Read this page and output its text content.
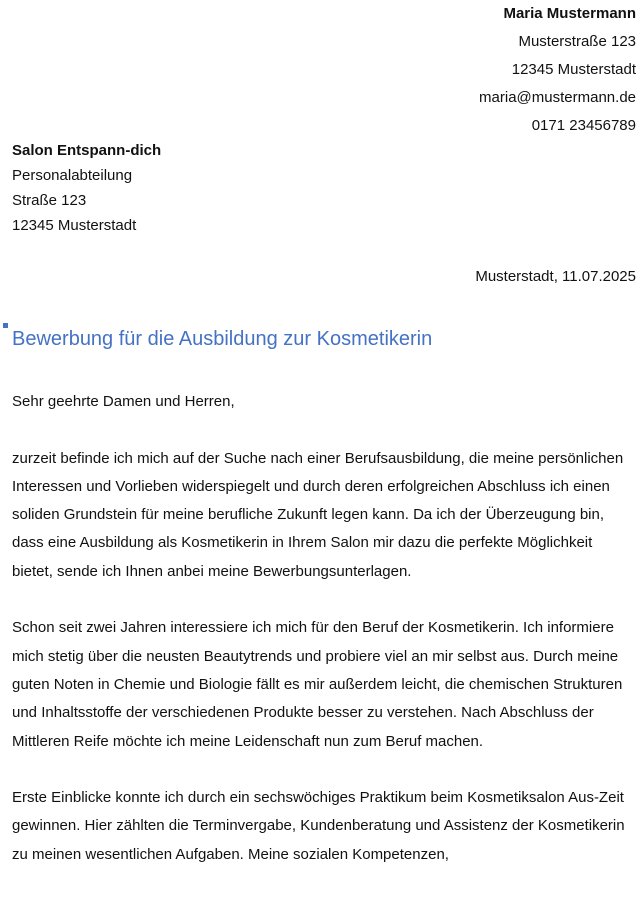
Maria Mustermann
Musterstraße 123
12345 Musterstadt
maria@mustermann.de
0171 23456789
Salon Entspann-dich
Personalabteilung
Straße 123
12345 Musterstadt
Musterstadt, 11.07.2025
Bewerbung für die Ausbildung zur Kosmetikerin

Sehr geehrte Damen und Herren,

zurzeit befinde ich mich auf der Suche nach einer Berufsausbildung, die meine persönlichen Interessen und Vorlieben widerspiegelt und durch deren erfolgreichen Abschluss ich einen soliden Grundstein für meine berufliche Zukunft legen kann. Da ich der Überzeugung bin, dass eine Ausbildung als Kosmetikerin in Ihrem Salon mir dazu die perfekte Möglichkeit bietet, sende ich Ihnen anbei meine Bewerbungsunterlagen.

Schon seit zwei Jahren interessiere ich mich für den Beruf der Kosmetikerin. Ich informiere mich stetig über die neusten Beautytrends und probiere viel an mir selbst aus. Durch meine guten Noten in Chemie und Biologie fällt es mir außerdem leicht, die chemischen Strukturen und Inhaltsstoffe der verschiedenen Produkte besser zu verstehen. Nach Abschluss der Mittleren Reife möchte ich meine Leidenschaft nun zum Beruf machen.

Erste Einblicke konnte ich durch ein sechswöchiges Praktikum beim Kosmetiksalon Aus-Zeit gewinnen. Hier zählten die Terminvergabe, Kundenberatung und Assistenz der Kosmetikerin zu meinen wesentlichen Aufgaben. Meine sozialen Kompetenzen,
